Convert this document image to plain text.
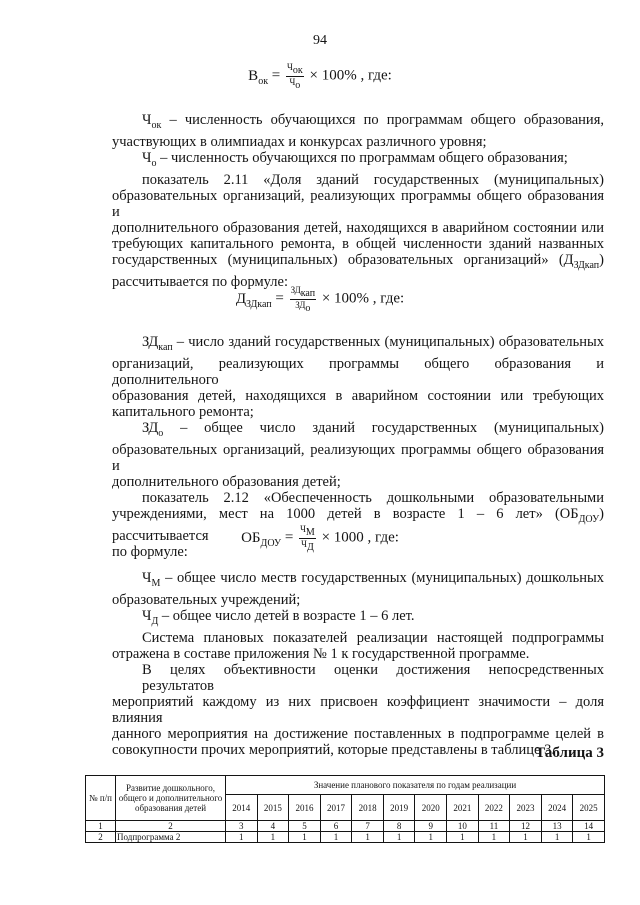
94
$В_{ок} = \frac{Ч_{ок}}{Ч_о} \times 100\%$ , где:
$Ч_{ок}$ – численность обучающихся по программам общего образования,
участвующих в олимпиадах и конкурсах различного уровня;
$Ч_о$ – численность обучающихся по программам общего образования;
показатель 2.11 «Доля зданий государственных (муниципальных)
образовательных организаций, реализующих программы общего образования и
дополнительного образования детей, находящихся в аварийном состоянии или
требующих капитального ремонта, в общей численности зданий названных
государственных (муниципальных) образовательных организаций» $(Д_{ЗДкап})$
рассчитывается по формуле:
$Д_{ЗДкап} = \frac{ЗД_{кап}}{ЗД_о} \times 100\%$ , где:
$ЗД_{кап}$ – число зданий государственных (муниципальных) образовательных
организаций, реализующих программы общего образования и дополнительного
образования детей, находящихся в аварийном состоянии или требующих
капитального ремонта;
$ЗД_о$ – общее число зданий государственных (муниципальных)
образовательных организаций, реализующих программы общего образования и
дополнительного образования детей;
показатель 2.12 «Обеспеченность дошкольными образовательными
учреждениями, мест на 1000 детей в возрасте 1 – 6 лет» $(ОБ_{ДОУ})$ рассчитывается
по формуле:
$ОБ_{ДОУ} = \frac{Ч_М}{Ч_Д} \times 1000$ , где:
$Ч_М$ – общее число меств государственных (муниципальных) дошкольных
образовательных учреждений;
$Ч_Д$ – общее число детей в возрасте 1 – 6 лет.
Система плановых показателей реализации настоящей подпрограммы
отражена в составе приложения № 1 к государственной программе.
В целях объективности оценки достижения непосредственных результатов
мероприятий каждому из них присвоен коэффициент значимости – доля влияния
данного мероприятия на достижение поставленных в подпрограмме целей в
совокупности прочих мероприятий, которые представлены в таблице 3.
Таблица 3
№ п/п	Развитие дошкольного, общего и дополнительного образования детей	Значение планового показателя по годам реализации											
		2014	2015	2016	2017	2018	2019	2020	2021	2022	2023	2024	2025
1	2	3	4	5	6	7	8	9	10	11	12	13	14
2	Подпрограмма 2	1	1	1	1	1	1	1	1	1	1	1	1
